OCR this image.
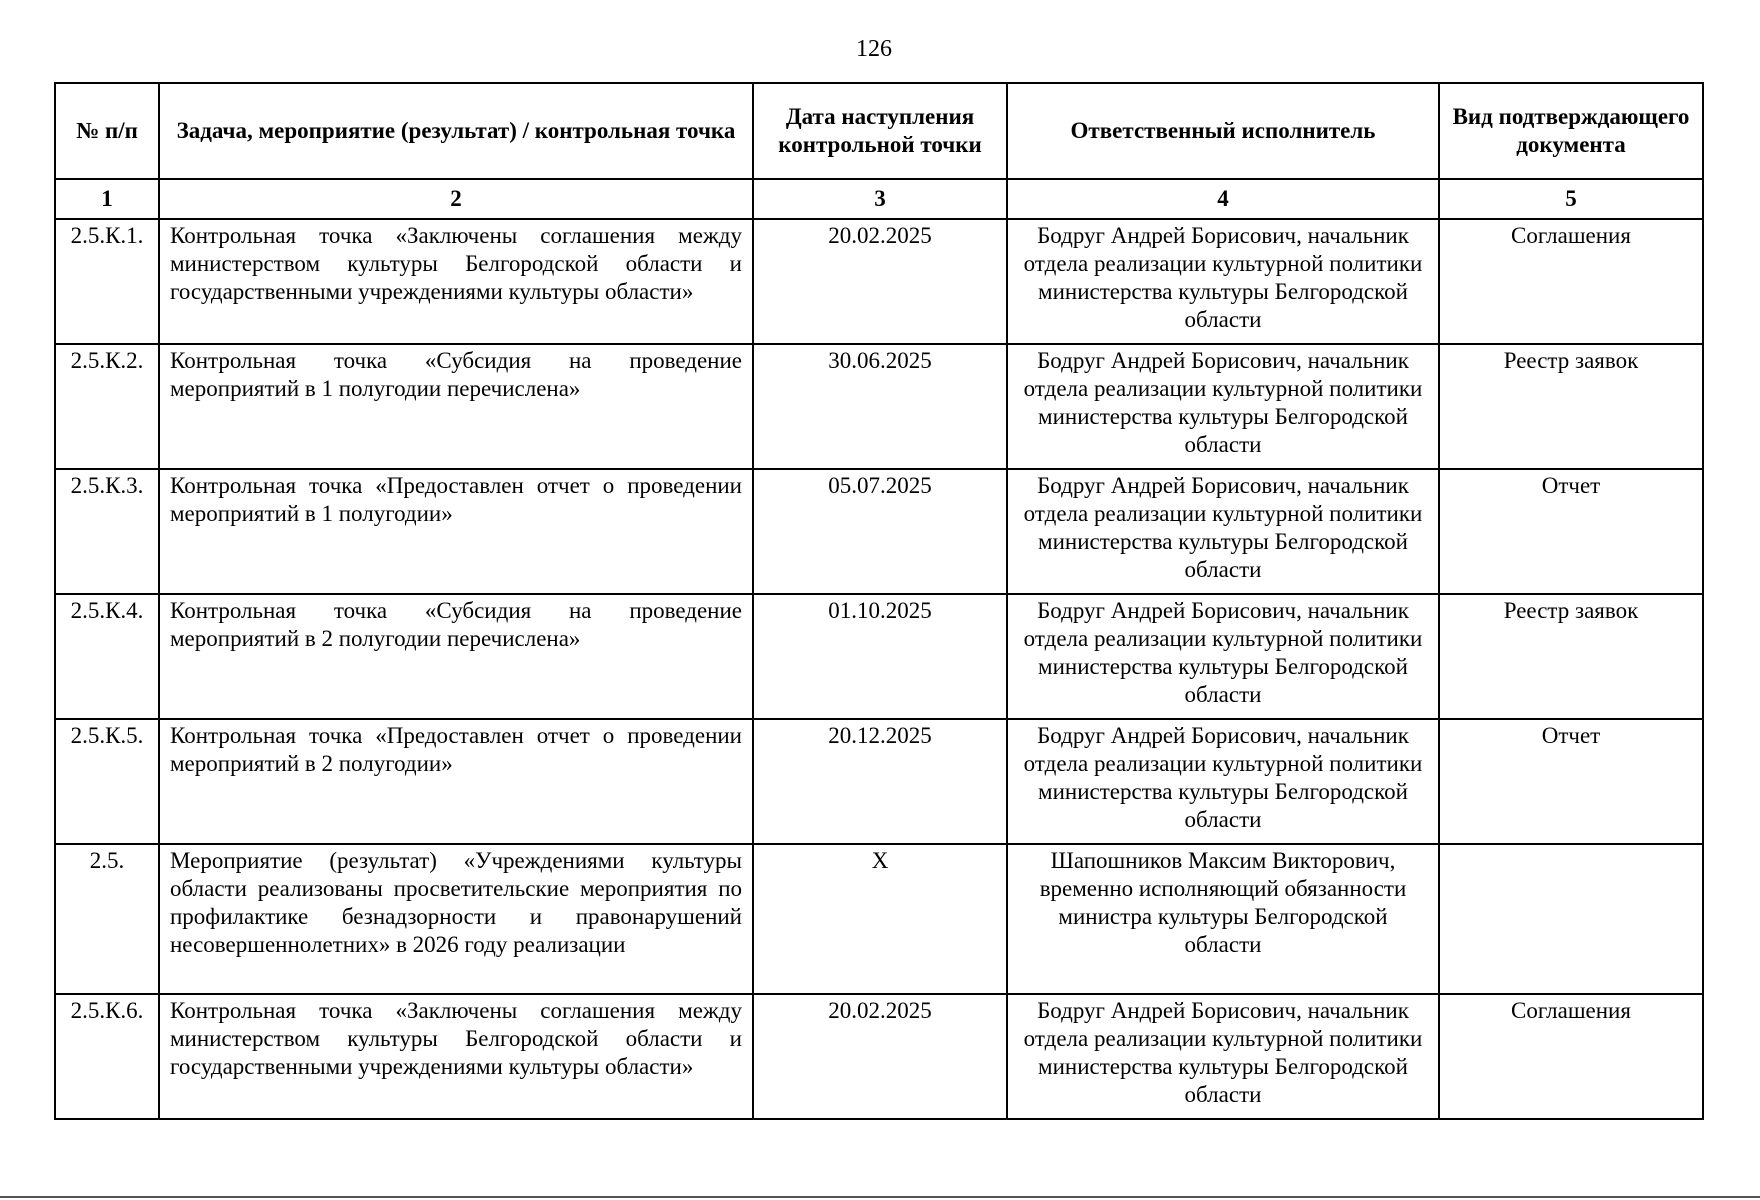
126
№ п/п	Задача, мероприятие (результат) / контрольная точка	Дата наступления контрольной точки	Ответственный исполнитель	Вид подтверждающего документа
1	2	3	4	5
2.5.К.1.	Контрольная точка «Заключены соглашения между министерством культуры Белгородской области и государственными учреждениями культуры области»	20.02.2025	Бодруг Андрей Борисович, начальник отдела реализации культурной политики министерства культуры Белгородской области	Соглашения
2.5.К.2.	Контрольная точка «Субсидия на проведение мероприятий в 1 полугодии перечислена»	30.06.2025	Бодруг Андрей Борисович, начальник отдела реализации культурной политики министерства культуры Белгородской области	Реестр заявок
2.5.К.3.	Контрольная точка «Предоставлен отчет о проведении мероприятий в 1 полугодии»	05.07.2025	Бодруг Андрей Борисович, начальник отдела реализации культурной политики министерства культуры Белгородской области	Отчет
2.5.К.4.	Контрольная точка «Субсидия на проведение мероприятий в 2 полугодии перечислена»	01.10.2025	Бодруг Андрей Борисович, начальник отдела реализации культурной политики министерства культуры Белгородской области	Реестр заявок
2.5.К.5.	Контрольная точка «Предоставлен отчет о проведении мероприятий в 2 полугодии»	20.12.2025	Бодруг Андрей Борисович, начальник отдела реализации культурной политики министерства культуры Белгородской области	Отчет
2.5.	Мероприятие (результат) «Учреждениями культуры области реализованы просветительские мероприятия по профилактике безнадзорности и правонарушений несовершеннолетних» в 2026 году реализации	X	Шапошников Максим Викторович, временно исполняющий обязанности министра культуры Белгородской области	
2.5.К.6.	Контрольная точка «Заключены соглашения между министерством культуры Белгородской области и государственными учреждениями культуры области»	20.02.2025	Бодруг Андрей Борисович, начальник отдела реализации культурной политики министерства культуры Белгородской области	Соглашения
